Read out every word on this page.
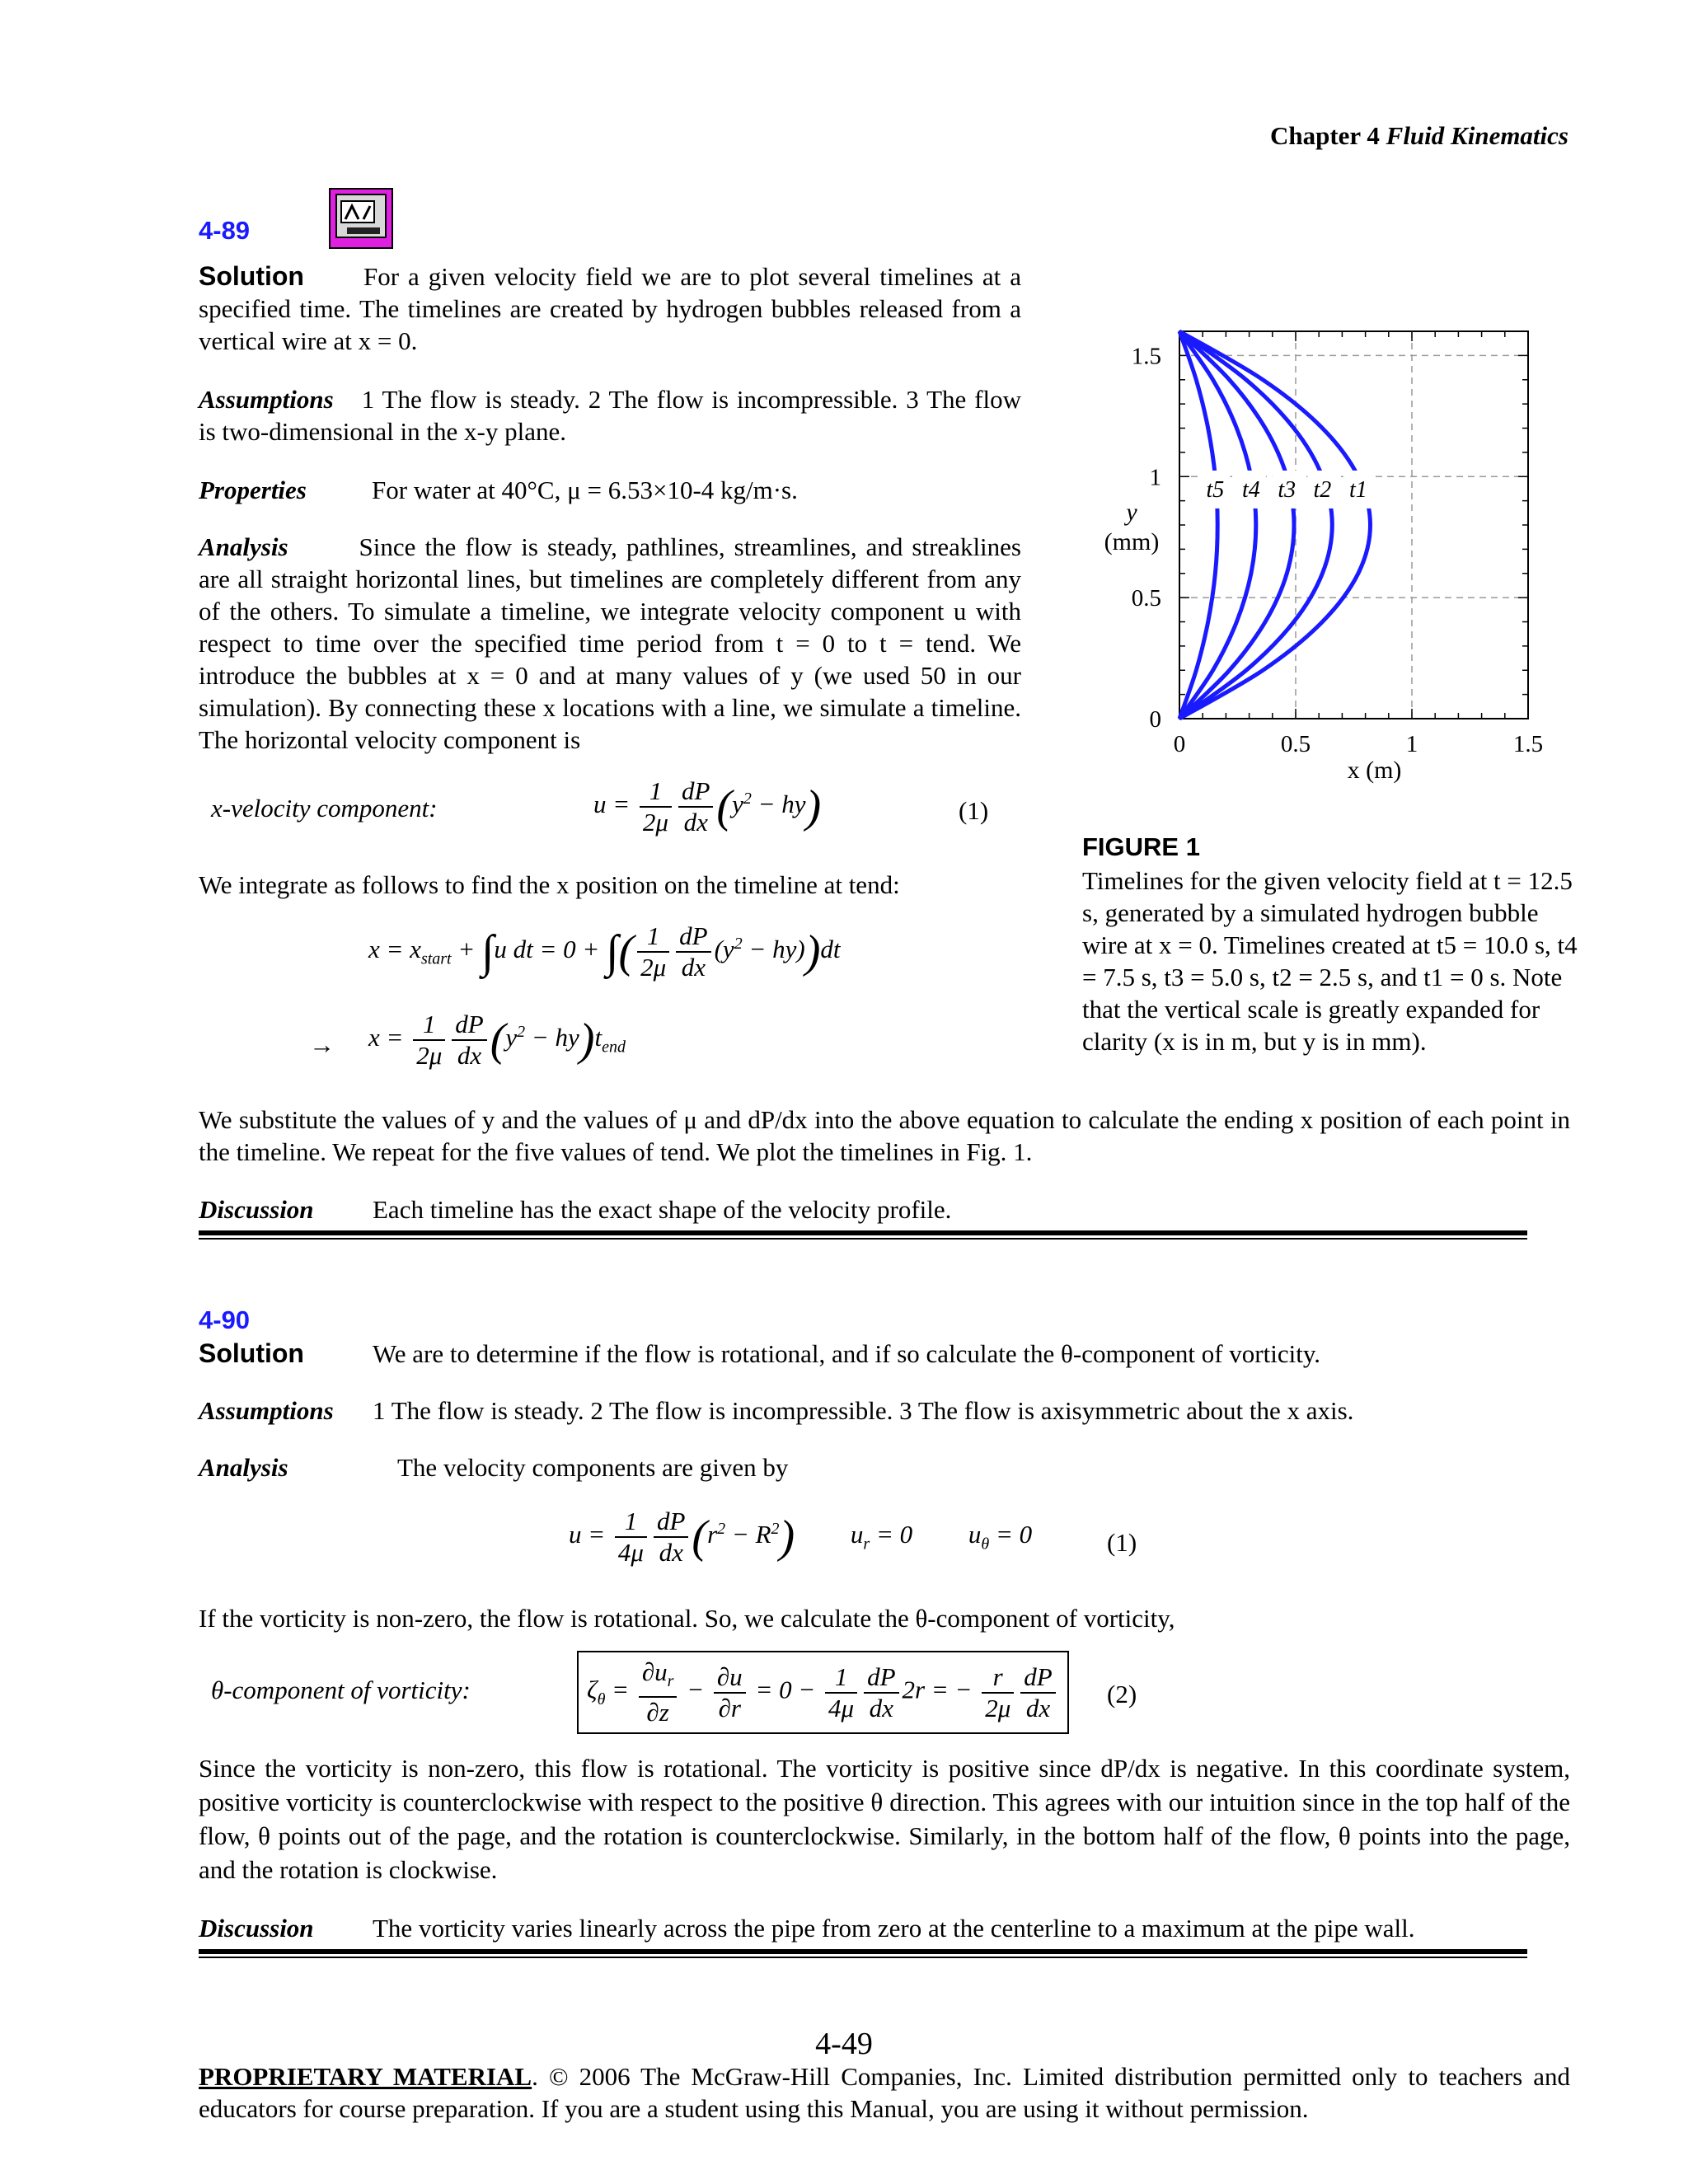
Chapter 4 Fluid Kinematics
4-89
Solution For a given velocity field we are to plot several timelines at a specified time. The timelines are created by hydrogen bubbles released from a vertical wire at x = 0.
Assumptions 1 The flow is steady. 2 The flow is incompressible. 3 The flow is two-dimensional in the x-y plane.
Properties	For water at 40°C, μ = 6.53×10-4 kg/m·s.
Analysis	Since the flow is steady, pathlines, streamlines, and streaklines are all straight horizontal lines, but timelines are completely different from any of the others. To simulate a timeline, we integrate velocity component u with respect to time over the specified time period from t = 0 to t = tend. We introduce the bubbles at x = 0 and at many values of y (we used 50 in our simulation). By connecting these x locations with a line, we simulate a timeline. The horizontal velocity component is
x-velocity component:	$u = \frac{1}{2\mu} \frac{dP}{dx} (y^2 - hy)$	(1)
We integrate as follows to find the x position on the timeline at tend:
$x = x_{start} + \int u$ dt = 0 + ∫( $\frac{1}{2\mu} \frac{dP}{dx} (y^2 - hy))dt$
→ $x = \frac{1}{2\mu} \frac{dP}{dx} (y^2 - hy)t_{end}$
0	0.5	1	1.5
0
0.5
1
1.5
x (m)
y
(mm)
t5 t4 t3 t2 t1
FIGURE 1
Timelines for the given velocity field at t = 12.5 s, generated by a simulated hydrogen bubble wire at x = 0. Timelines created at t5 = 10.0 s, t4 = 7.5 s, t3 = 5.0 s, t2 = 2.5 s, and t1 = 0 s. Note that the vertical scale is greatly expanded for clarity (x is in m, but y is in mm).
We substitute the values of y and the values of μ and dP/dx into the above equation to calculate the ending x position of each point in the timeline. We repeat for the five values of tend. We plot the timelines in Fig. 1.
Discussion Each timeline has the exact shape of the velocity profile.
4-90
Solution	We are to determine if the flow is rotational, and if so calculate the θ-component of vorticity.
Assumptions 1 The flow is steady. 2 The flow is incompressible. 3 The flow is axisymmetric about the x axis.
Analysis	The velocity components are given by
$u = \frac{1}{4\mu} \frac{dP}{dx} (r^2 - R^2) u_r = 0$ $u_\theta = 0$	(1)
If the vorticity is non-zero, the flow is rotational. So, we calculate the θ-component of vorticity,
θ-component of vorticity:	$\zeta_\theta = \frac{\partial u_r}{\partial z} - \frac{\partial u}{\partial r} = 0 - \frac{1}{4\mu} \frac{dP}{dx} 2r$ = − $\frac{r}{2\mu} \frac{dP}{dx} (2)$
Since the vorticity is non-zero, this flow is rotational. The vorticity is positive since dP/dx is negative. In this coordinate system, positive vorticity is counterclockwise with respect to the positive θ direction. This agrees with our intuition since in the top half of the flow, θ points out of the page, and the rotation is counterclockwise. Similarly, in the bottom half of the flow, θ points into the page, and the rotation is clockwise.
Discussion The vorticity varies linearly across the pipe from zero at the centerline to a maximum at the pipe wall.
4-49
PROPRIETARY MATERIAL. © 2006 The McGraw-Hill Companies, Inc. Limited distribution permitted only to teachers and educators for course preparation. If you are a student using this Manual, you are using it without permission.
